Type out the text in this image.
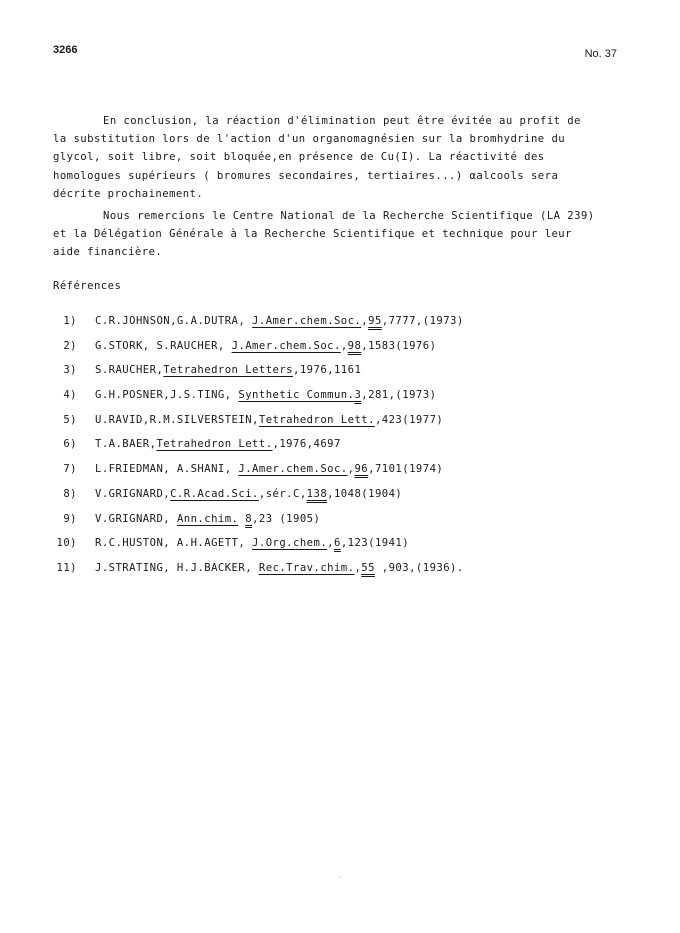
3266	No. 37
En conclusion, la réaction d'élimination peut être évitée au profit de
la substitution lors de l'action d'un organomagnésien sur la bromhydrine du
glycol, soit libre, soit bloquée,en présence de Cu(I). La réactivité des
homologues supérieurs ( bromures secondaires, tertiaires...) αalcools sera
décrite prochainement.
Nous remercions le Centre National de la Recherche Scientifique (LA 239)
et la Délégation Générale à la Recherche Scientifique et technique pour leur
aide financière.
Références
1) C.R.JOHNSON,G.A.DUTRA, J.Amer.chem.Soc.,95,7777,(1973)
2) G.STORK, S.RAUCHER, J.Amer.chem.Soc.,98,1583(1976)
3) S.RAUCHER,Tetrahedron Letters,1976,1161
4) G.H.POSNER,J.S.TING, Synthetic Commun.3,281,(1973)
5) U.RAVID,R.M.SILVERSTEIN,Tetrahedron Lett.,423(1977)
6) T.A.BAER,Tetrahedron Lett.,1976,4697
7) L.FRIEDMAN, A.SHANI, J.Amer.chem.Soc.,96,7101(1974)
8) V.GRIGNARD,C.R.Acad.Sci.,sér.C,138,1048(1904)
9) V.GRIGNARD, Ann.chim. 8,23 (1905)
10) R.C.HUSTON, A.H.AGETT, J.Org.chem.,6,123(1941)
11) J.STRATING, H.J.BACKER, Rec.Trav.chim.,55 ,903,(1936).
